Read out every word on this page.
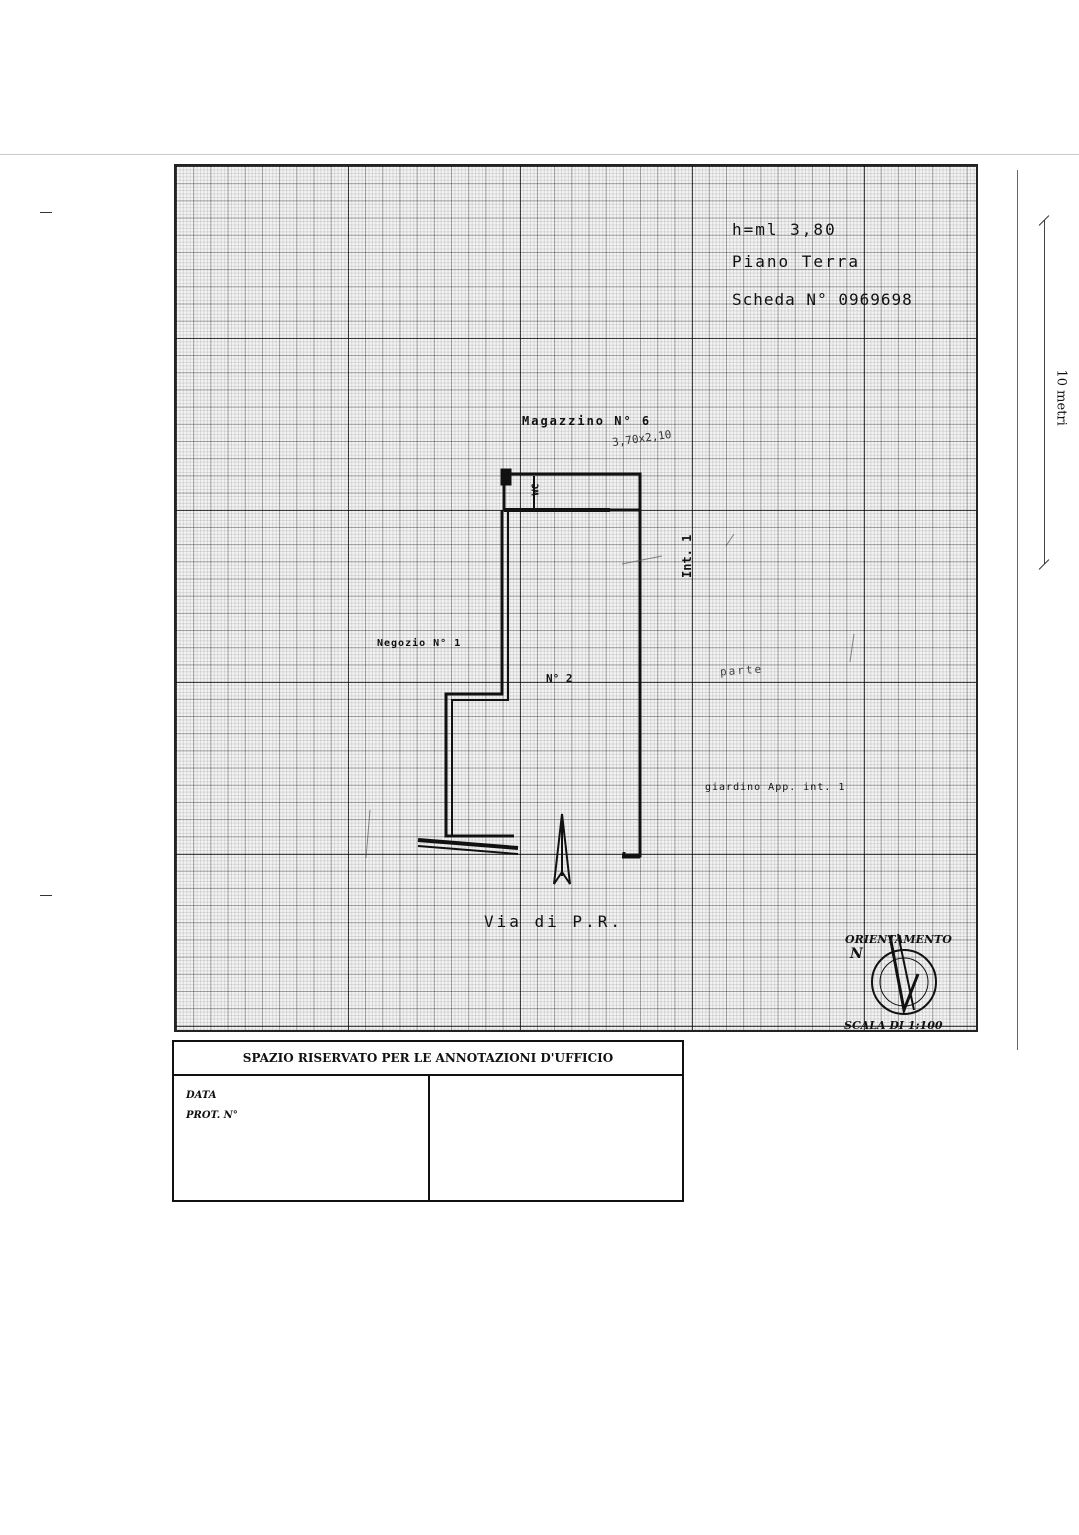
h=ml 3,80
Piano Terra
Scheda N° 0969698
Magazzino N° 6
3,70x2,10
Negozio N° 1
N° 2
WC
Int. 1
parte
giardino App. int. 1
Via di P.R.
ORIENTAMENTO
N
SCALA DI 1:100
10 metri
SPAZIO RISERVATO PER LE ANNOTAZIONI D'UFFICIO
DATA
PROT. N°
